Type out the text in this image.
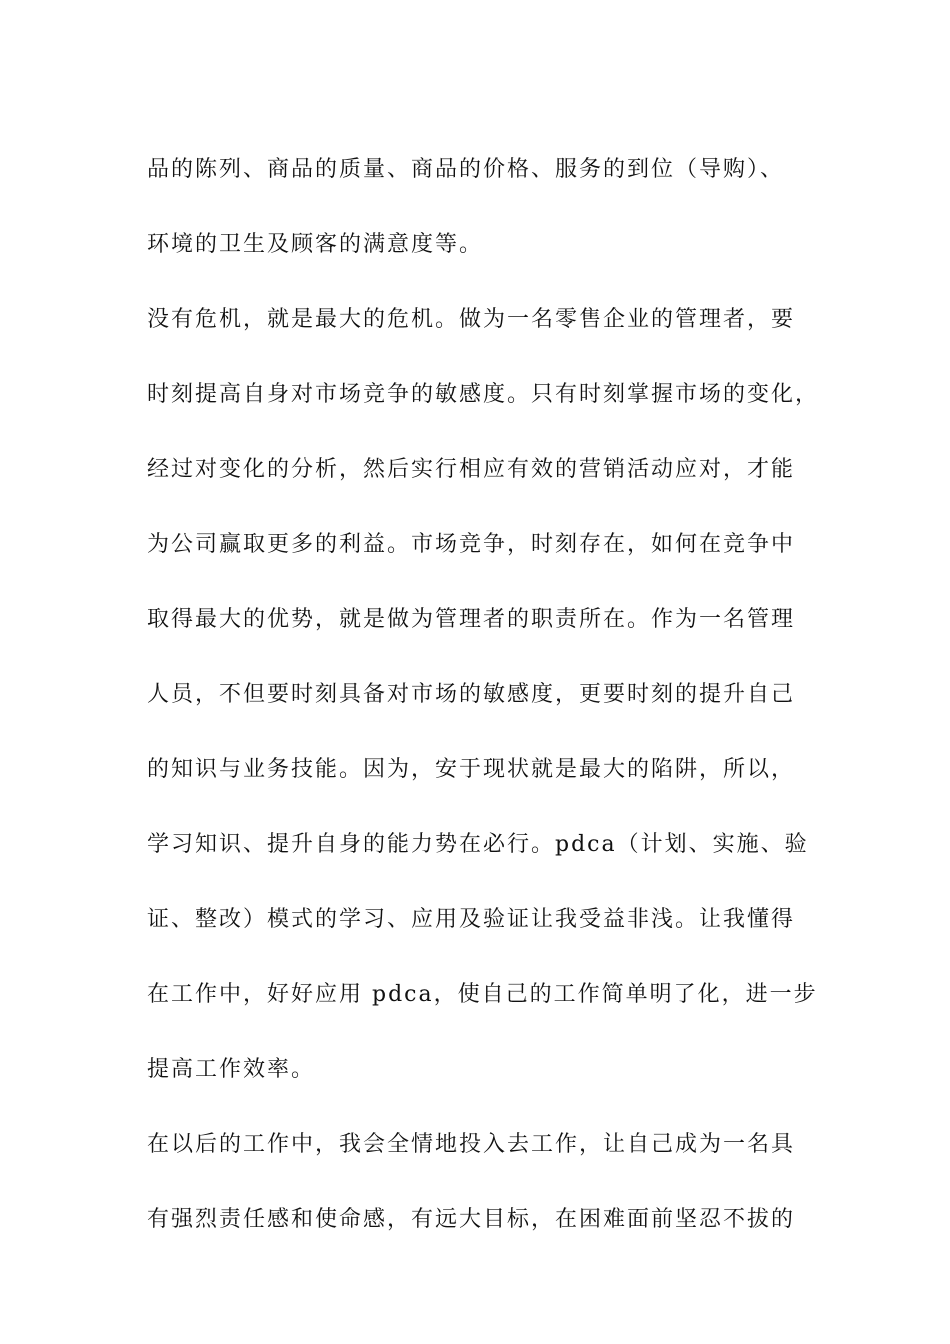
品的陈列、商品的质量、商品的价格、服务的到位（导购）、
环境的卫生及顾客的满意度等。
没有危机，就是最大的危机。做为一名零售企业的管理者，要
时刻提高自身对市场竞争的敏感度。只有时刻掌握市场的变化，
经过对变化的分析，然后实行相应有效的营销活动应对，才能
为公司赢取更多的利益。市场竞争，时刻存在，如何在竞争中
取得最大的优势，就是做为管理者的职责所在。作为一名管理
人员，不但要时刻具备对市场的敏感度，更要时刻的提升自己
的知识与业务技能。因为，安于现状就是最大的陷阱，所以，
学习知识、提升自身的能力势在必行。pdca（计划、实施、验
证、整改）模式的学习、应用及验证让我受益非浅。让我懂得
在工作中，好好应用 pdca，使自己的工作简单明了化，进一步
提高工作效率。
在以后的工作中，我会全情地投入去工作，让自己成为一名具
有强烈责任感和使命感，有远大目标，在困难面前坚忍不拔的
